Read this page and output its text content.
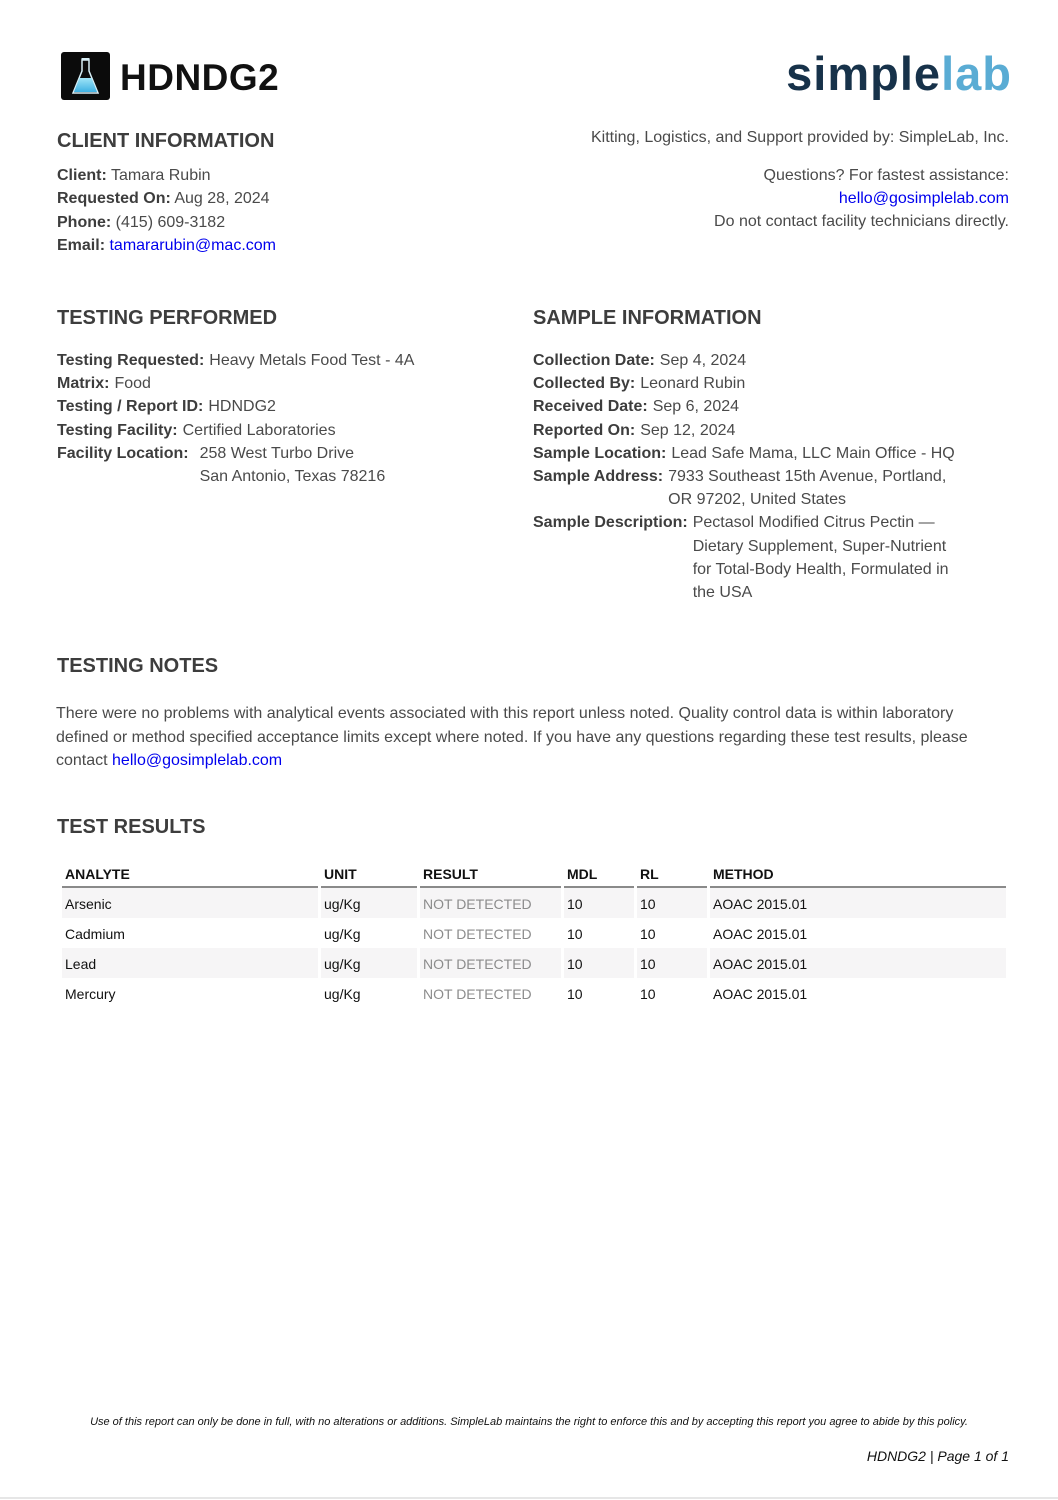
HDNDG2	simplelab
CLIENT INFORMATION
Client: Tamara Rubin
Requested On: Aug 28, 2024
Phone: (415) 609-3182
Email: tamararubin@mac.com
Kitting, Logistics, and Support provided by: SimpleLab, Inc.
Questions? For fastest assistance:
hello@gosimplelab.com
Do not contact facility technicians directly.
TESTING PERFORMED
Testing Requested: Heavy Metals Food Test - 4A
Matrix: Food
Testing / Report ID: HDNDG2
Testing Facility: Certified Laboratories
Facility Location: 258 West Turbo Drive
San Antonio, Texas 78216
SAMPLE INFORMATION
Collection Date: Sep 4, 2024
Collected By: Leonard Rubin
Received Date: Sep 6, 2024
Reported On: Sep 12, 2024
Sample Location: Lead Safe Mama, LLC Main Office - HQ
Sample Address: 7933 Southeast 15th Avenue, Portland, OR 97202, United States
Sample Description: Pectasol Modified Citrus Pectin — Dietary Supplement, Super-Nutrient for Total-Body Health, Formulated in the USA
TESTING NOTES
There were no problems with analytical events associated with this report unless noted. Quality control data is within laboratory defined or method specified acceptance limits except where noted. If you have any questions regarding these test results, please contact hello@gosimplelab.com
TEST RESULTS
ANALYTE	UNIT	RESULT	MDL	RL	METHOD
Arsenic	ug/Kg	NOT DETECTED	10	10	AOAC 2015.01
Cadmium	ug/Kg	NOT DETECTED	10	10	AOAC 2015.01
Lead	ug/Kg	NOT DETECTED	10	10	AOAC 2015.01
Mercury	ug/Kg	NOT DETECTED	10	10	AOAC 2015.01
Use of this report can only be done in full, with no alterations or additions. SimpleLab maintains the right to enforce this and by accepting this report you agree to abide by this policy.
HDNDG2 | Page 1 of 1
